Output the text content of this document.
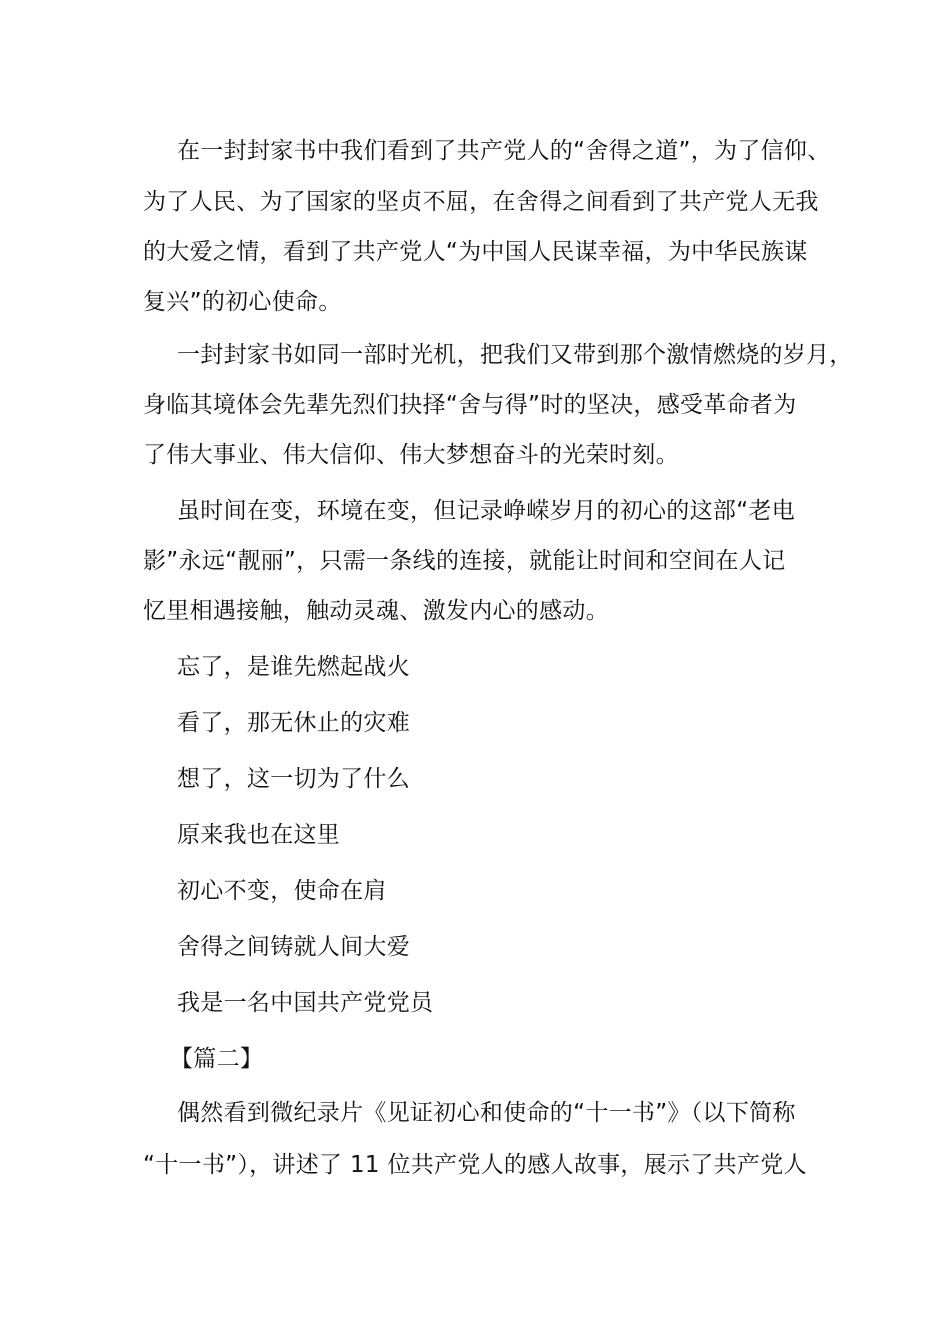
在一封封家书中我们看到了共产党人的“舍得之道”，为了信仰、
为了人民、为了国家的坚贞不屈，在舍得之间看到了共产党人无我
的大爱之情，看到了共产党人“为中国人民谋幸福，为中华民族谋
复兴”的初心使命。
一封封家书如同一部时光机，把我们又带到那个激情燃烧的岁月，
身临其境体会先辈先烈们抉择“舍与得”时的坚决，感受革命者为
了伟大事业、伟大信仰、伟大梦想奋斗的光荣时刻。
虽时间在变，环境在变，但记录峥嵘岁月的初心的这部“老电
影”永远“靓丽”，只需一条线的连接，就能让时间和空间在人记
忆里相遇接触，触动灵魂、激发内心的感动。
忘了，是谁先燃起战火
看了，那无休止的灾难
想了，这一切为了什么
原来我也在这里
初心不变，使命在肩
舍得之间铸就人间大爱
我是一名中国共产党党员
【篇二】
偶然看到微纪录片《见证初心和使命的“十一书”》（以下简称
“十一书”），讲述了 11 位共产党人的感人故事，展示了共产党人
